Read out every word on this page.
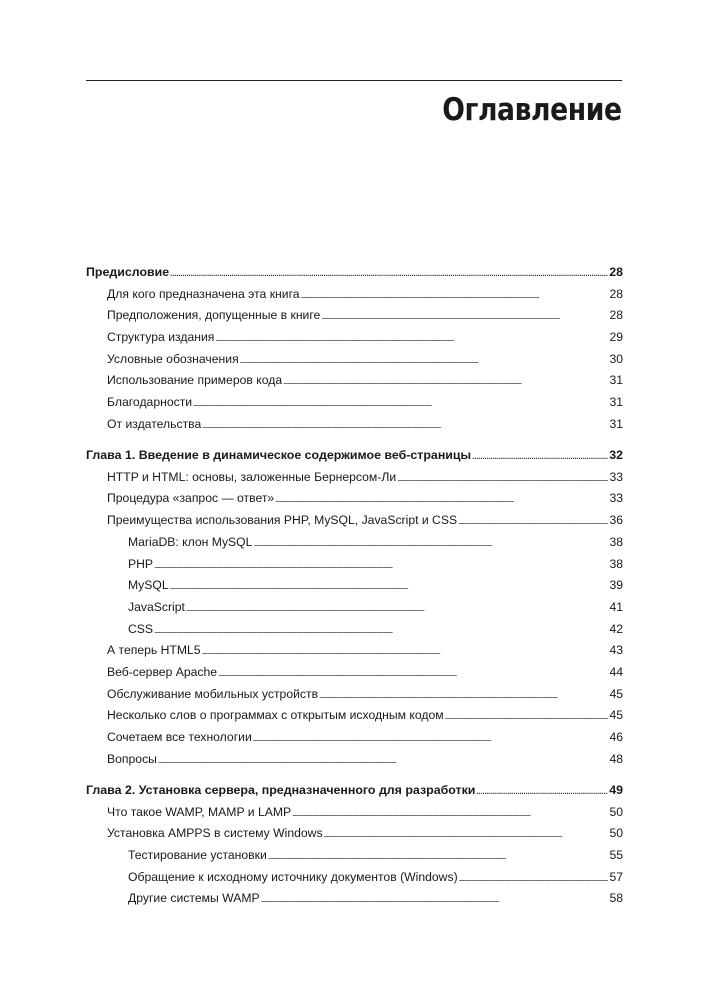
Оглавление
Предисловие . . .	28
Для кого предназначена эта книга . . .	28
Предположения, допущенные в книге . . .	28
Структура издания . . .	29
Условные обозначения . . .	30
Использование примеров кода . . .	31
Благодарности . . .	31
От издательства . . .	31
Глава 1. Введение в динамическое содержимое веб-страницы . . .	32
HTTP и HTML: основы, заложенные Бернерсом-Ли . . .	33
Процедура «запрос — ответ» . . .	33
Преимущества использования PHP, MySQL, JavaScript и CSS . . .	36
MariaDB: клон MySQL . . .	38
PHP . . .	38
MySQL . . .	39
JavaScript . . .	41
CSS . . .	42
А теперь HTML5 . . .	43
Веб-сервер Apache . . .	44
Обслуживание мобильных устройств . . .	45
Несколько слов о программах с открытым исходным кодом . . .	45
Сочетаем все технологии . . .	46
Вопросы . . .	48
Глава 2. Установка сервера, предназначенного для разработки . . .	49
Что такое WAMP, MAMP и LAMP . . .	50
Установка AMPPS в систему Windows . . .	50
Тестирование установки . . .	55
Обращение к исходному источнику документов (Windows) . . .	57
Другие системы WAMP . . .	58
